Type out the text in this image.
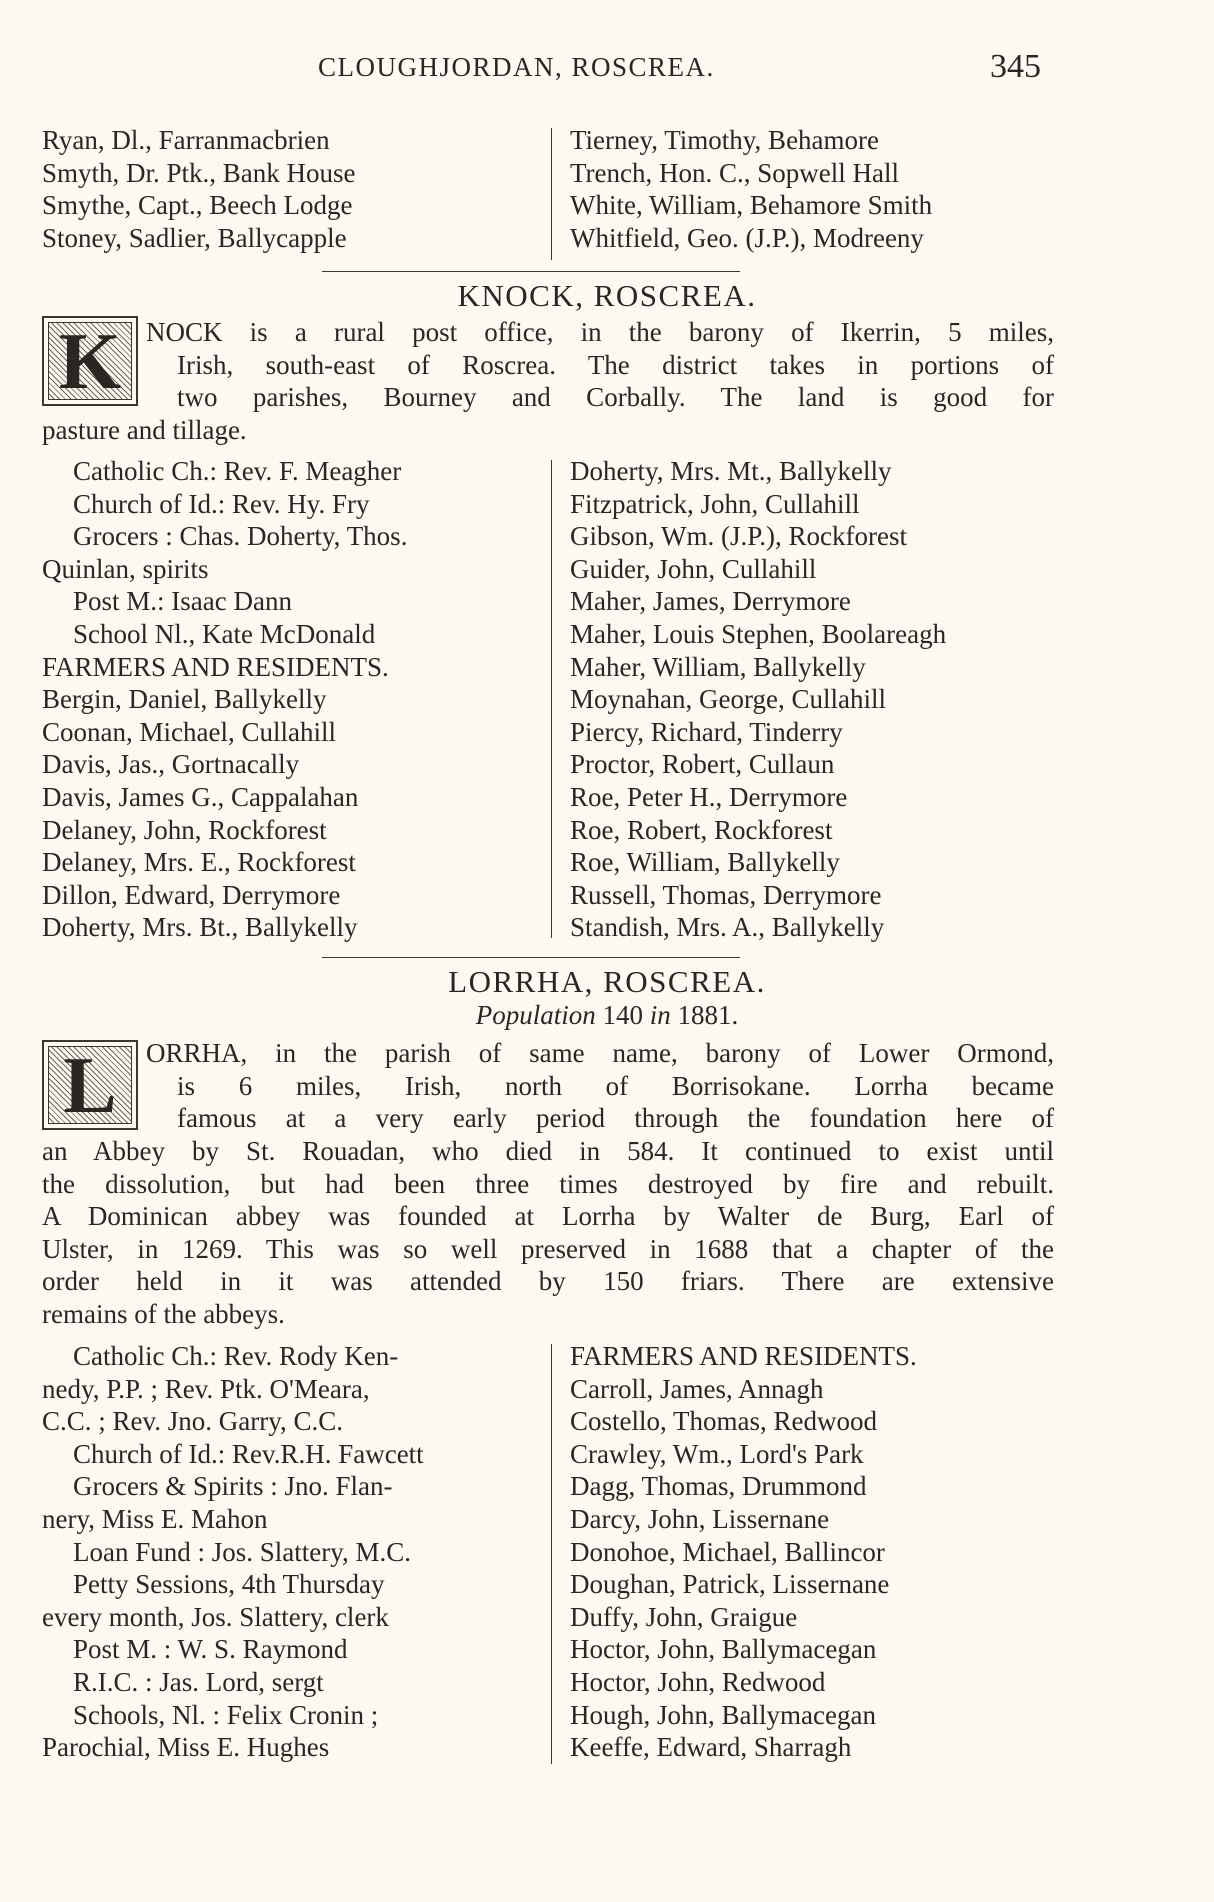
CLOUGHJORDAN, ROSCREA.	345
Ryan, Dl., Farranmacbrien
Smyth, Dr. Ptk., Bank House
Smythe, Capt., Beech Lodge
Stoney, Sadlier, Ballycapple
Tierney, Timothy, Behamore
Trench, Hon. C., Sopwell Hall
White, William, Behamore Smith
Whitfield, Geo. (J.P.), Modreeny
KNOCK, ROSCREA.
K NOCK is a rural post office, in the barony of Ikerrin, 5 miles,
Irish, south-east of Roscrea. The district takes in portions of
two parishes, Bourney and Corbally. The land is good for
pasture and tillage.
Catholic Ch.: Rev. F. Meagher
Church of Id.: Rev. Hy. Fry
Grocers : Chas. Doherty, Thos.
Quinlan, spirits
Post M.: Isaac Dann
School Nl., Kate McDonald
FARMERS AND RESIDENTS.
Bergin, Daniel, Ballykelly
Coonan, Michael, Cullahill
Davis, Jas., Gortnacally
Davis, James G., Cappalahan
Delaney, John, Rockforest
Delaney, Mrs. E., Rockforest
Dillon, Edward, Derrymore
Doherty, Mrs. Bt., Ballykelly
Doherty, Mrs. Mt., Ballykelly
Fitzpatrick, John, Cullahill
Gibson, Wm. (J.P.), Rockforest
Guider, John, Cullahill
Maher, James, Derrymore
Maher, Louis Stephen, Boolareagh
Maher, William, Ballykelly
Moynahan, George, Cullahill
Piercy, Richard, Tinderry
Proctor, Robert, Cullaun
Roe, Peter H., Derrymore
Roe, Robert, Rockforest
Roe, William, Ballykelly
Russell, Thomas, Derrymore
Standish, Mrs. A., Ballykelly
LORRHA, ROSCREA.
Population 140 in 1881.
L	ORRHA, in the parish of same name, barony of Lower Ormond,
is 6 miles, Irish, north of Borrisokane. Lorrha became
famous at a very early period through the foundation here of
an Abbey by St. Rouadan, who died in 584. It continued to exist until
the dissolution, but had been three times destroyed by fire and rebuilt.
A Dominican abbey was founded at Lorrha by Walter de Burg, Earl of
Ulster, in 1269. This was so well preserved in 1688 that a chapter of the
order held in it was attended by 150 friars. There are extensive
remains of the abbeys.
Catholic Ch.: Rev. Rody Ken-
nedy, P.P. ; Rev. Ptk. O'Meara,
C.C. ; Rev. Jno. Garry, C.C.
Church of Id.: Rev.R.H. Fawcett
Grocers & Spirits : Jno. Flan-
nery, Miss E. Mahon
Loan Fund : Jos. Slattery, M.C.
Petty Sessions, 4th Thursday
every month, Jos. Slattery, clerk
Post M. : W. S. Raymond
R.I.C. : Jas. Lord, sergt
Schools, Nl. : Felix Cronin ;
Parochial, Miss E. Hughes
FARMERS AND RESIDENTS.
Carroll, James, Annagh
Costello, Thomas, Redwood
Crawley, Wm., Lord's Park
Dagg, Thomas, Drummond
Darcy, John, Lissernane
Donohoe, Michael, Ballincor
Doughan, Patrick, Lissernane
Duffy, John, Graigue
Hoctor, John, Ballymacegan
Hoctor, John, Redwood
Hough, John, Ballymacegan
Keeffe, Edward, Sharragh
